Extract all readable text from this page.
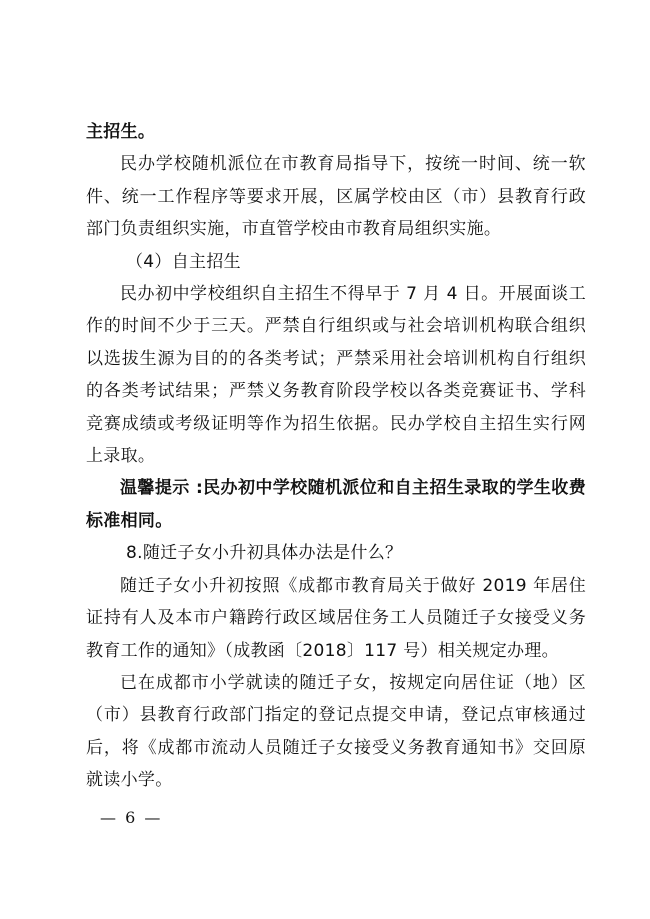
主招生。

民办学校随机派位在市教育局指导下，按统一时间、统一软件、统一工作程序等要求开展，区属学校由区（市）县教育行政部门负责组织实施，市直管学校由市教育局组织实施。

（4）自主招生

民办初中学校组织自主招生不得早于 7 月 4 日。开展面谈工作的时间不少于三天。严禁自行组织或与社会培训机构联合组织以选拔生源为目的的各类考试；严禁采用社会培训机构自行组织的各类考试结果；严禁义务教育阶段学校以各类竞赛证书、学科竞赛成绩或考级证明等作为招生依据。民办学校自主招生实行网上录取。

温馨提示 :民办初中学校随机派位和自主招生录取的学生收费标准相同。

8.随迁子女小升初具体办法是什么？

随迁子女小升初按照《成都市教育局关于做好 2019 年居住证持有人及本市户籍跨行政区域居住务工人员随迁子女接受义务教育工作的通知》（成教函〔2018〕117 号）相关规定办理。

已在成都市小学就读的随迁子女，按规定向居住证（地）区（市）县教育行政部门指定的登记点提交申请，登记点审核通过后，将《成都市流动人员随迁子女接受义务教育通知书》交回原就读小学。

— 6 —
